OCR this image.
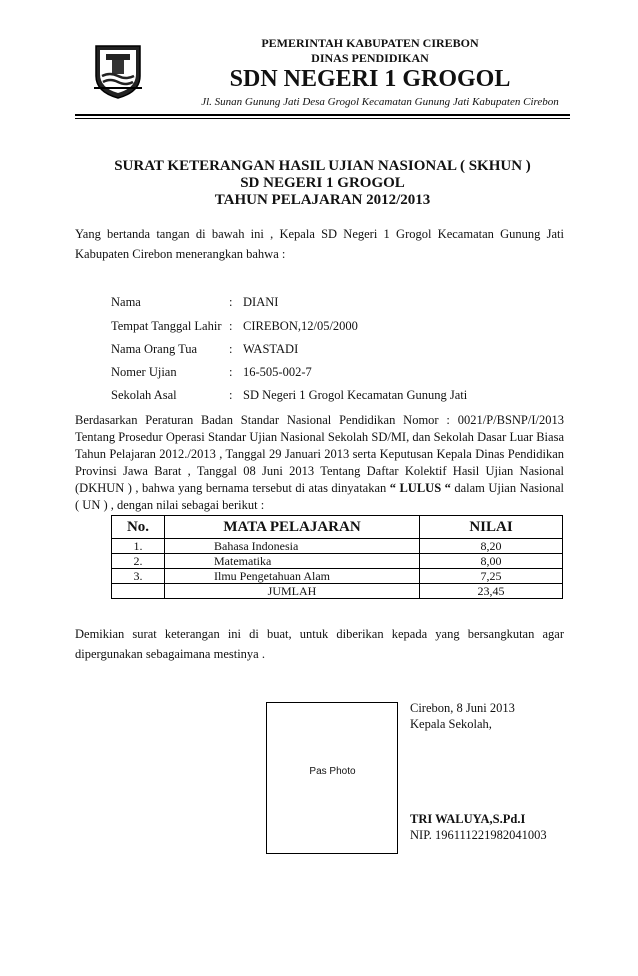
PEMERINTAH KABUPATEN CIREBON
DINAS PENDIDIKAN
SDN NEGERI 1 GROGOL
Jl. Sunan Gunung Jati Desa Grogol Kecamatan Gunung Jati Kabupaten Cirebon
SURAT KETERANGAN HASIL UJIAN NASIONAL ( SKHUN )
SD NEGERI 1 GROGOL
TAHUN PELAJARAN 2012/2013
Yang bertanda tangan di bawah ini , Kepala SD Negeri 1 Grogol Kecamatan Gunung Jati Kabupaten Cirebon menerangkan bahwa :
Nama	: DIANI
Tempat Tanggal Lahir : CIREBON,12/05/2000
Nama Orang Tua	: WASTADI
Nomer Ujian	: 16-505-002-7
Sekolah Asal	: SD Negeri 1 Grogol Kecamatan Gunung Jati
Berdasarkan Peraturan Badan Standar Nasional Pendidikan Nomor : 0021/P/BSNP/I/2013 Tentang Prosedur Operasi Standar Ujian Nasional Sekolah SD/MI, dan Sekolah Dasar Luar Biasa Tahun Pelajaran 2012./2013 , Tanggal 29 Januari 2013 serta Keputusan Kepala Dinas Pendidikan Provinsi Jawa Barat , Tanggal 08 Juni 2013 Tentang Daftar Kolektif Hasil Ujian Nasional (DKHUN ) , bahwa yang bernama tersebut di atas dinyatakan “ LULUS “ dalam Ujian Nasional ( UN ) , dengan nilai sebagai berikut :
No.	MATA PELAJARAN	NILAI
1.	Bahasa Indonesia	8,20
2.	Matematika	8,00
3.	Ilmu Pengetahuan Alam	7,25
	JUMLAH	23,45
Demikian surat keterangan ini di buat, untuk diberikan kepada yang bersangkutan agar dipergunakan sebagaimana mestinya .
Pas Photo
Cirebon, 8 Juni 2013
Kepala Sekolah,
TRI WALUYA,S.Pd.I
NIP. 196111221982041003
